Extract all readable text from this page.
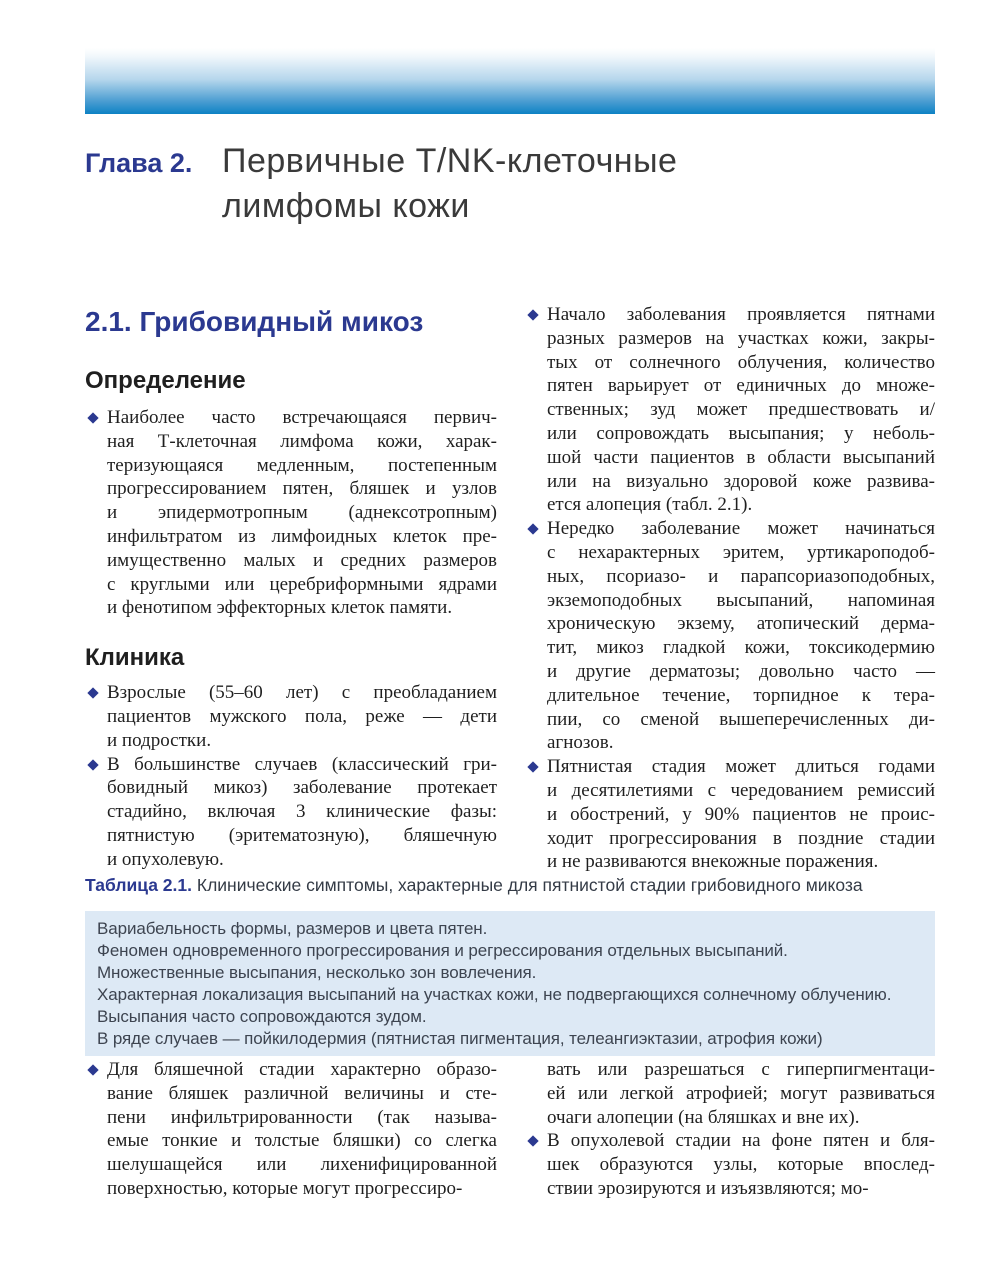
Глава 2. Первичные T/NK-клеточные
лимфомы кожи
2.1. Грибовидный микоз
Определение
Наиболее часто встречающаяся первич-
ная Т-клеточная лимфома кожи, харак-
теризующаяся медленным, постепенным
прогрессированием пятен, бляшек и узлов
и эпидермотропным (аднексотропным)
инфильтратом из лимфоидных клеток пре-
имущественно малых и средних размеров
с круглыми или церебриформными ядрами
и фенотипом эффекторных клеток памяти.
Клиника
Взрослые (55–60 лет) с преобладанием
пациентов мужского пола, реже — дети
и подростки.
В большинстве случаев (классический гри-
бовидный микоз) заболевание протекает
стадийно, включая 3 клинические фазы:
пятнистую (эритематозную), бляшечную
и опухолевую.
Начало заболевания проявляется пятнами
разных размеров на участках кожи, закры-
тых от солнечного облучения, количество
пятен варьирует от единичных до множе-
ственных; зуд может предшествовать и/
или сопровождать высыпания; у неболь-
шой части пациентов в области высыпаний
или на визуально здоровой коже развива-
ется алопеция (табл. 2.1).
Нередко заболевание может начинаться
с нехарактерных эритем, уртикароподоб-
ных, псориазо- и парапсориазоподобных,
экземоподобных высыпаний, напоминая
хроническую экзему, атопический дерма-
тит, микоз гладкой кожи, токсикодермию
и другие дерматозы; довольно часто —
длительное течение, торпидное к тера-
пии, со сменой вышеперечисленных ди-
агнозов.
Пятнистая стадия может длиться годами
и десятилетиями с чередованием ремиссий
и обострений, у 90% пациентов не проис-
ходит прогрессирования в поздние стадии
и не развиваются внекожные поражения.
Таблица 2.1. Клинические симптомы, характерные для пятнистой стадии грибовидного микоза
Вариабельность формы, размеров и цвета пятен.
Феномен одновременного прогрессирования и регрессирования отдельных высыпаний.
Множественные высыпания, несколько зон вовлечения.
Характерная локализация высыпаний на участках кожи, не подвергающихся солнечному облучению.
Высыпания часто сопровождаются зудом.
В ряде случаев — пойкилодермия (пятнистая пигментация, телеангиэктазии, атрофия кожи)
Для бляшечной стадии характерно образо-
вание бляшек различной величины и сте-
пени инфильтрированности (так называ-
емые тонкие и толстые бляшки) со слегка
шелушащейся или лихенифицированной
поверхностью, которые могут прогрессиро-
вать или разрешаться с гиперпигментаци-
ей или легкой атрофией; могут развиваться
очаги алопеции (на бляшках и вне их).
В опухолевой стадии на фоне пятен и бля-
шек образуются узлы, которые впослед-
ствии эрозируются и изъязвляются; мо-
